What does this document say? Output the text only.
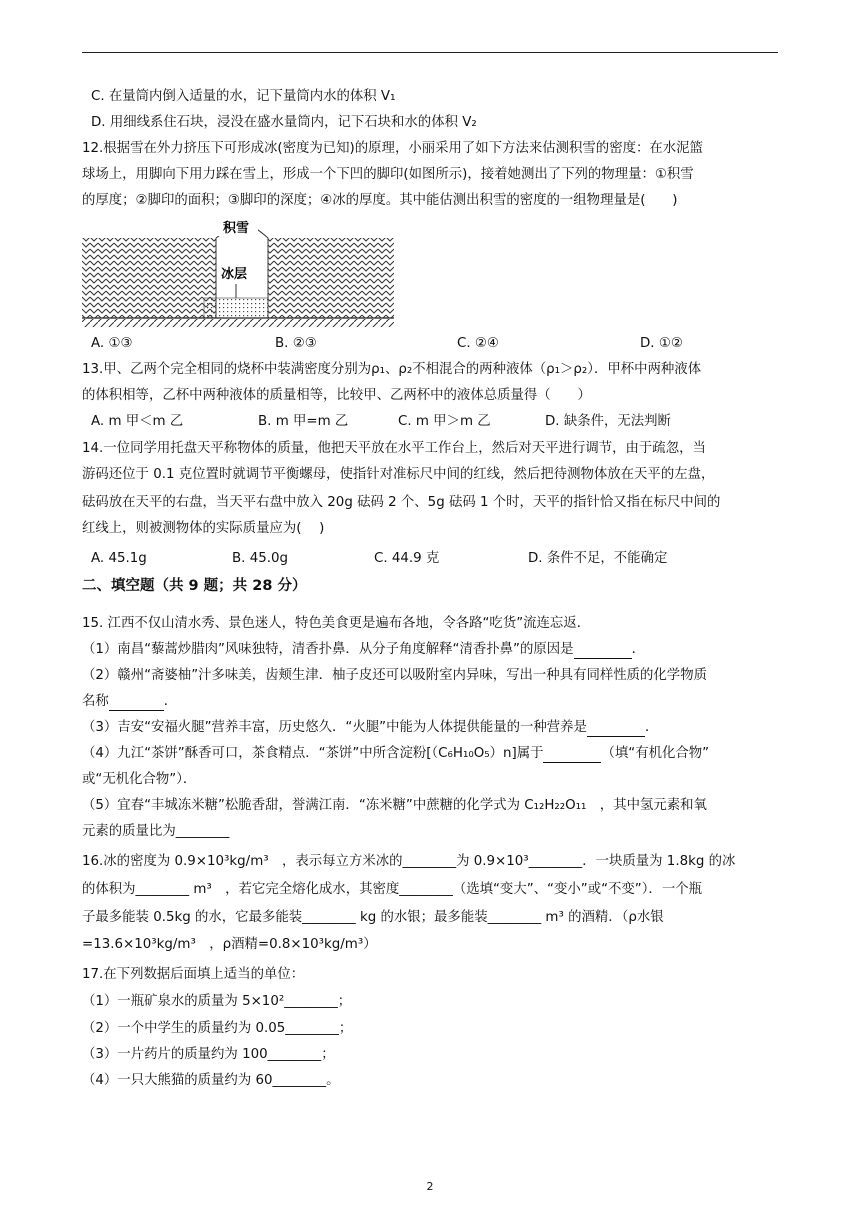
C. 在量筒内倒入适量的水，记下量筒内水的体积 V₁
D. 用细线系住石块，浸没在盛水量筒内，记下石块和水的体积 V₂
12.根据雪在外力挤压下可形成冰(密度为已知)的原理，小丽采用了如下方法来估测积雪的密度：在水泥篮
球场上，用脚向下用力踩在雪上，形成一个下凹的脚印(如图所示)，接着她测出了下列的物理量：①积雪
的厚度；②脚印的面积；③脚印的深度；④冰的厚度。其中能估测出积雪的密度的一组物理量是(　　)
积雪
冰层
A. ①③	B. ②③	C. ②④	D. ①②
13.甲、乙两个完全相同的烧杯中装满密度分别为ρ₁、ρ₂不相混合的两种液体（ρ₁＞ρ₂）．甲杯中两种液体
的体积相等，乙杯中两种液体的质量相等，比较甲、乙两杯中的液体总质量得（　　）
A. m 甲＜m 乙	B. m 甲=m 乙	C. m 甲＞m 乙	D. 缺条件，无法判断
14.一位同学用托盘天平称物体的质量，他把天平放在水平工作台上，然后对天平进行调节，由于疏忽，当
游码还位于 0.1 克位置时就调节平衡螺母，使指针对准标尺中间的红线，然后把待测物体放在天平的左盘，
砝码放在天平的右盘，当天平右盘中放入 20g 砝码 2 个、5g 砝码 1 个时，天平的指针恰又指在标尺中间的
红线上，则被测物体的实际质量应为(　 )
A. 45.1g	B. 45.0g	C. 44.9 克	D. 条件不足，不能确定
二、填空题（共 9 题；共 28 分）
15. 江西不仅山清水秀、景色迷人，特色美食更是遍布各地，令各路“吃货”流连忘返．
（1）南昌“藜蒿炒腊肉”风味独特，清香扑鼻．从分子角度解释“清香扑鼻”的原因是	．
（2）赣州“斋婆柚”汁多味美，齿颊生津．柚子皮还可以吸附室内异味，写出一种具有同样性质的化学物质
名称	．
（3）吉安“安福火腿”营养丰富，历史悠久．“火腿”中能为人体提供能量的一种营养是	．
（4）九江“茶饼”酥香可口，茶食精点．“茶饼”中所含淀粉[（C₆H₁₀O₅）n]属于	（填“有机化合物”
或“无机化合物”）．
（5）宜春“丰城冻米糖”松脆香甜，誉满江南．“冻米糖”中蔗糖的化学式为 C₁₂H₂₂O₁₁　，其中氢元素和氧
元素的质量比为________
16.冰的密度为 0.9×10³kg/m³　，表示每立方米冰的________为 0.9×10³________．一块质量为 1.8kg 的冰
的体积为________ m³　，若它完全熔化成水，其密度________（选填“变大”、“变小”或“不变”）．一个瓶
子最多能装 0.5kg 的水，它最多能装________ kg 的水银；最多能装________ m³ 的酒精．（ρ水银
=13.6×10³kg/m³　，ρ酒精=0.8×10³kg/m³）
17.在下列数据后面填上适当的单位：
（1）一瓶矿泉水的质量为 5×10²________；
（2）一个中学生的质量约为 0.05________；
（3）一片药片的质量约为 100________；
（4）一只大熊猫的质量约为 60________。
2
